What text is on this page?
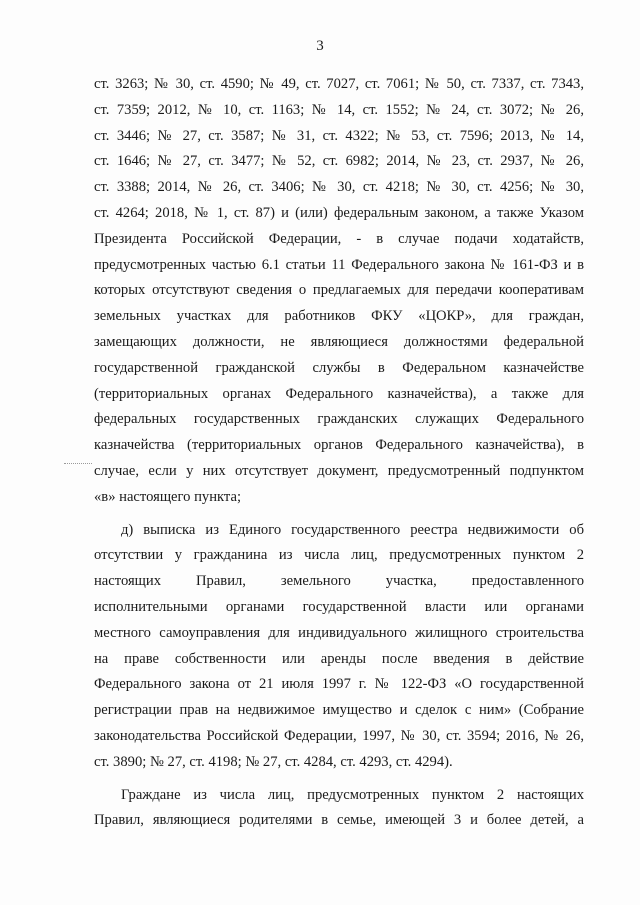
3
ст. 3263; № 30, ст. 4590; № 49, ст. 7027, ст. 7061; № 50, ст. 7337, ст. 7343,
ст. 7359; 2012, № 10, ст. 1163; № 14, ст. 1552; № 24, ст. 3072; № 26,
ст. 3446; № 27, ст. 3587; № 31, ст. 4322; № 53, ст. 7596; 2013, № 14,
ст. 1646; № 27, ст. 3477; № 52, ст. 6982; 2014, № 23, ст. 2937, № 26,
ст. 3388; 2014, № 26, ст. 3406; № 30, ст. 4218; № 30, ст. 4256; № 30,
ст. 4264; 2018, № 1, ст. 87) и (или) федеральным законом, а также Указом
Президента Российской Федерации, - в случае подачи ходатайств,
предусмотренных частью 6.1 статьи 11 Федерального закона № 161-ФЗ и в
которых отсутствуют сведения о предлагаемых для передачи кооперативам
земельных участках для работников ФКУ «ЦОКР», для граждан,
замещающих должности, не являющиеся должностями федеральной
государственной гражданской службы в Федеральном казначействе
(территориальных органах Федерального казначейства), а также для
федеральных государственных гражданских служащих Федерального
казначейства (территориальных органов Федерального казначейства), в
случае, если у них отсутствует документ, предусмотренный подпунктом
«в» настоящего пункта;
д) выписка из Единого государственного реестра недвижимости об
отсутствии у гражданина из числа лиц, предусмотренных пунктом 2
настоящих Правил, земельного участка, предоставленного
исполнительными органами государственной власти или органами
местного самоуправления для индивидуального жилищного строительства
на праве собственности или аренды после введения в действие
Федерального закона от 21 июля 1997 г. № 122-ФЗ «О государственной
регистрации прав на недвижимое имущество и сделок с ним» (Собрание
законодательства Российской Федерации, 1997, № 30, ст. 3594; 2016, № 26,
ст. 3890; № 27, ст. 4198; № 27, ст. 4284, ст. 4293, ст. 4294).
Граждане из числа лиц, предусмотренных пунктом 2 настоящих
Правил, являющиеся родителями в семье, имеющей 3 и более детей, а
